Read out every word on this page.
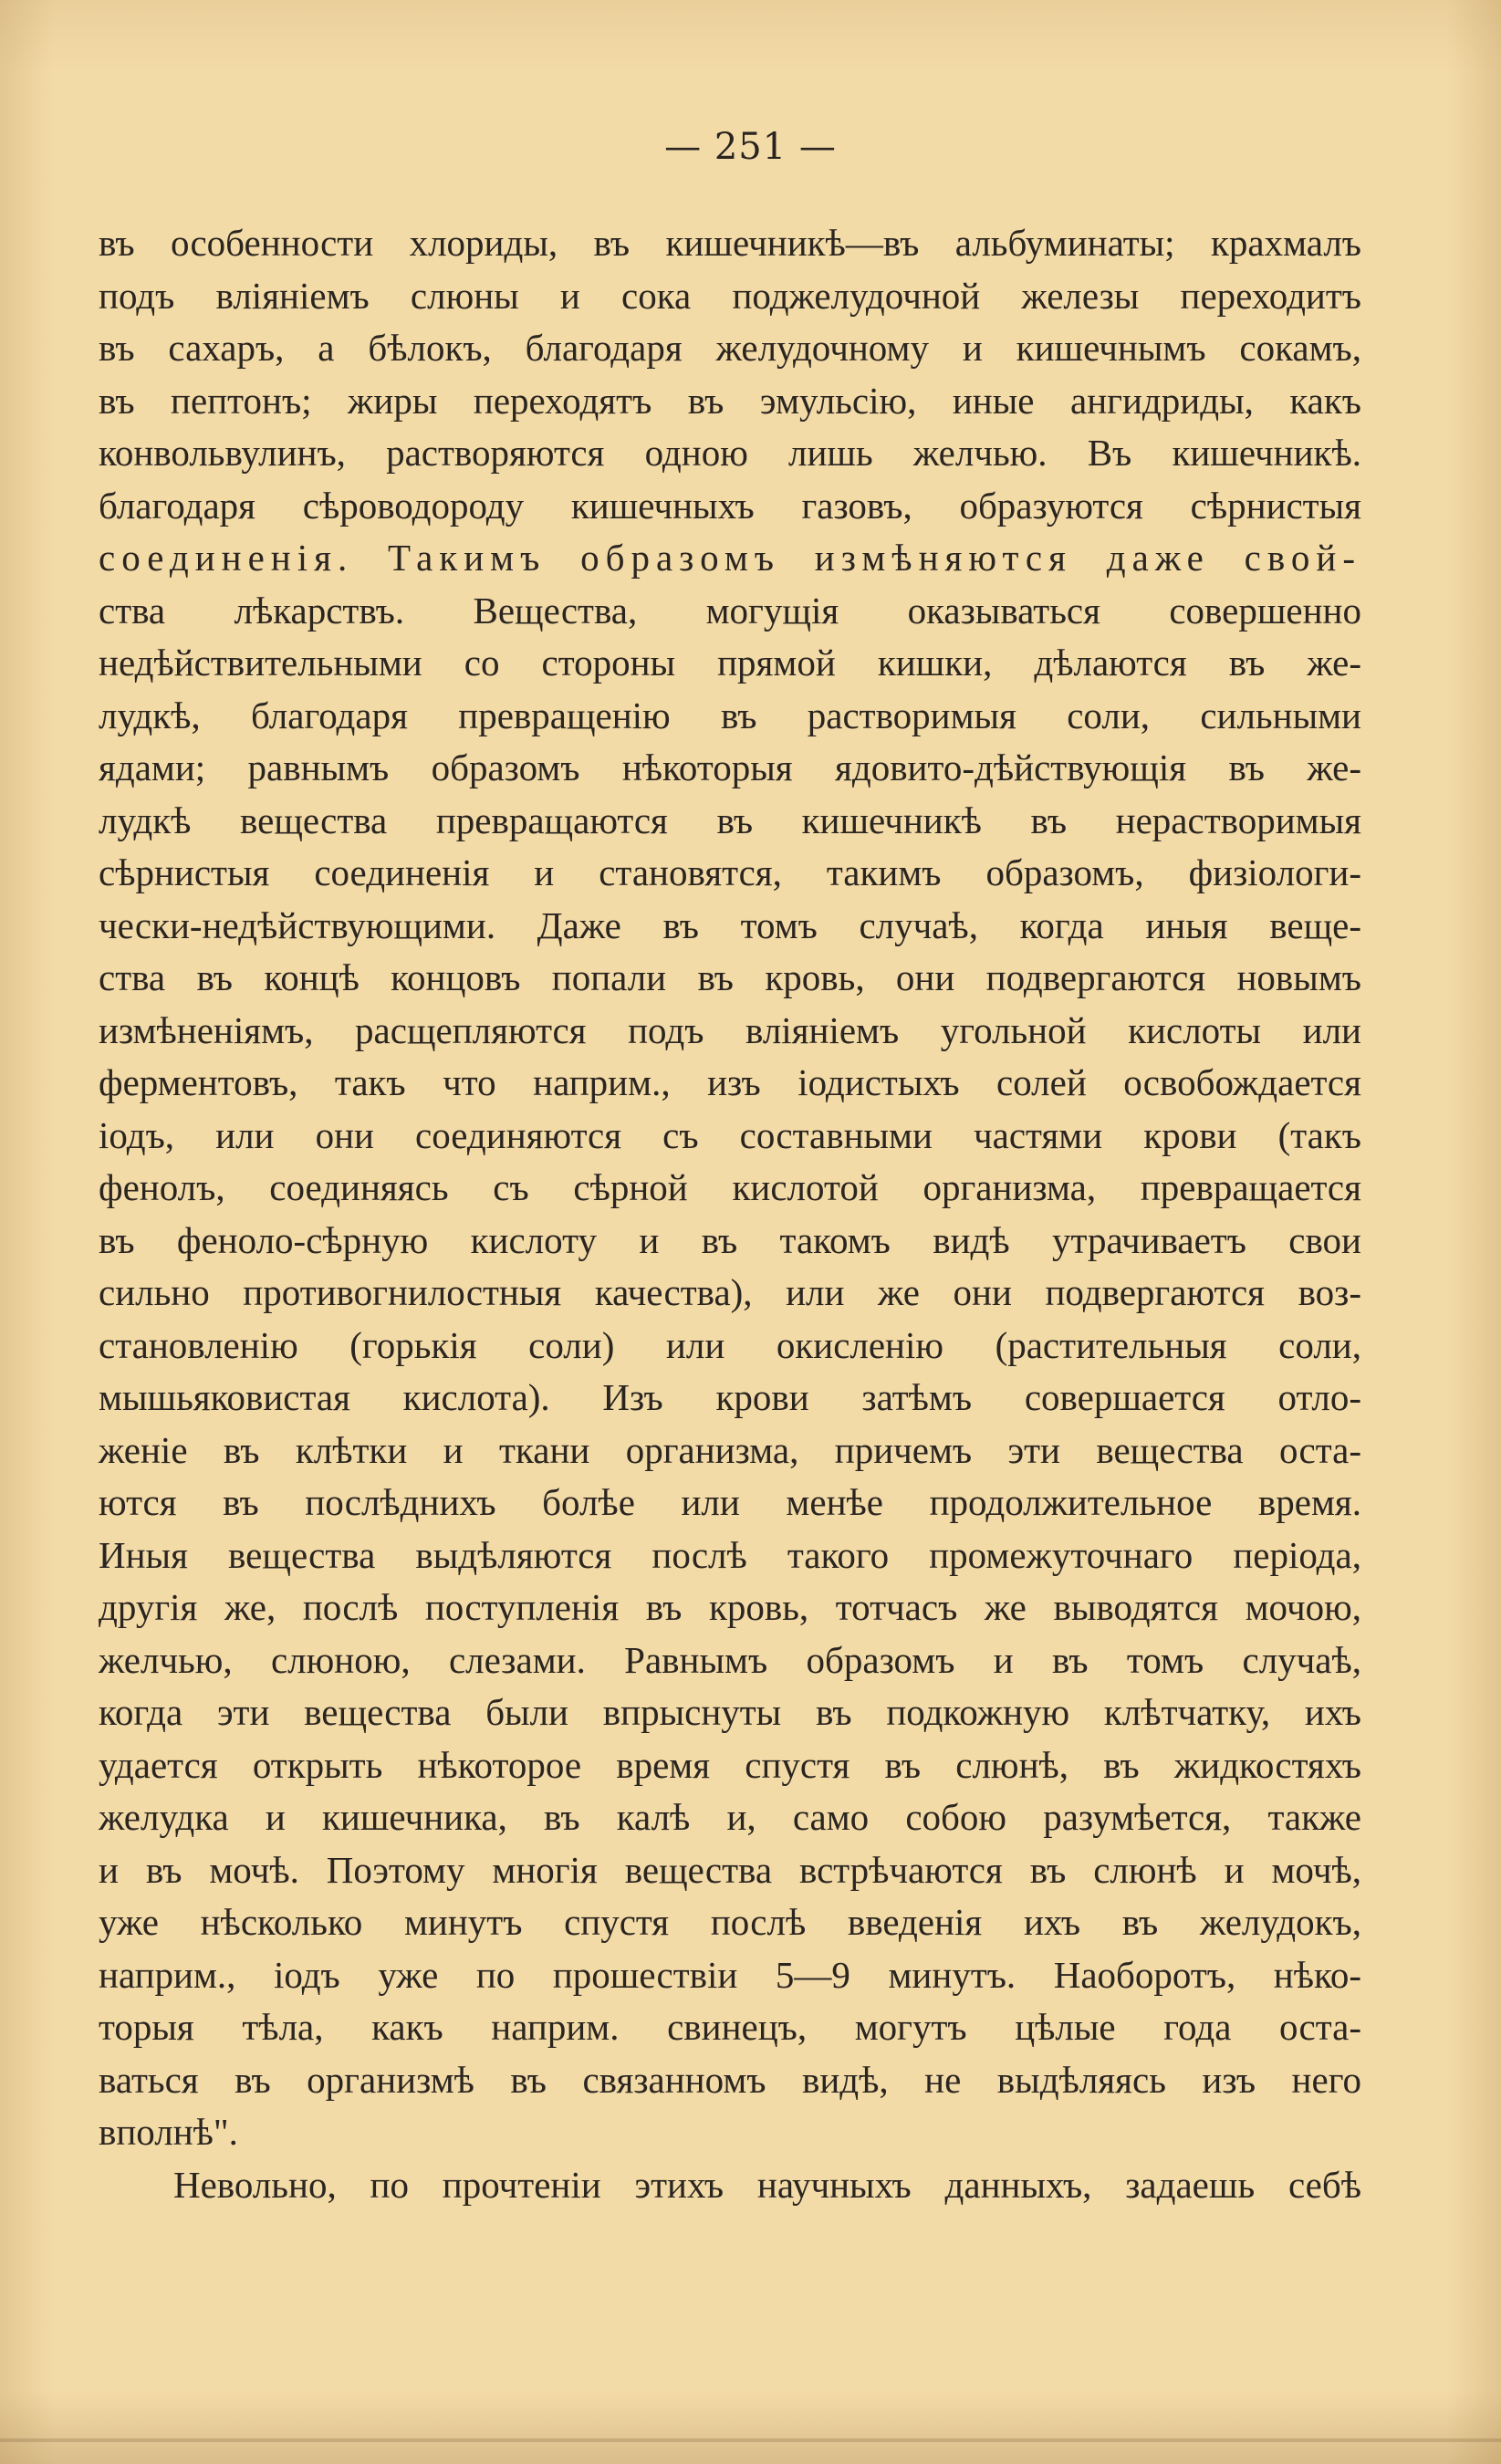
— 251 —
въ особенности хлориды, въ кишечникѣ—въ альбуминаты; крахмалъ
подъ вліяніемъ слюны и сока поджелудочной железы переходитъ
въ сахаръ, а бѣлокъ, благодаря желудочному и кишечнымъ сокамъ,
въ пептонъ; жиры переходятъ въ эмульсію, иные ангидриды, какъ
конвольвулинъ, растворяются одною лишь желчью. Въ кишечникѣ.
благодаря сѣроводороду кишечныхъ газовъ, образуются сѣрнистыя
соединенія. Такимъ образомъ измѣняются даже свой-
ства лѣкарствъ. Вещества, могущія оказываться совершенно
недѣйствительными со стороны прямой кишки, дѣлаются въ же-
лудкѣ, благодаря превращенію въ растворимыя соли, сильными
ядами; равнымъ образомъ нѣкоторыя ядовито-дѣйствующія въ же-
лудкѣ вещества превращаются въ кишечникѣ въ нерастворимыя
сѣрнистыя соединенія и становятся, такимъ образомъ, физіологи-
чески-недѣйствующими. Даже въ томъ случаѣ, когда иныя веще-
ства въ концѣ концовъ попали въ кровь, они подвергаются новымъ
измѣненіямъ, расщепляются подъ вліяніемъ угольной кислоты или
ферментовъ, такъ что наприм., изъ іодистыхъ солей освобождается
іодъ, или они соединяются съ составными частями крови (такъ
фенолъ, соединяясь съ сѣрной кислотой организма, превращается
въ феноло-сѣрную кислоту и въ такомъ видѣ утрачиваетъ свои
сильно противогнилостныя качества), или же они подвергаются воз-
становленію (горькія соли) или окисленію (растительныя соли,
мышьяковистая кислота). Изъ крови затѣмъ совершается отло-
женіе въ клѣтки и ткани организма, причемъ эти вещества оста-
ются въ послѣднихъ болѣе или менѣе продолжительное время.
Иныя вещества выдѣляются послѣ такого промежуточнаго періода,
другія же, послѣ поступленія въ кровь, тотчасъ же выводятся мочою,
желчью, слюною, слезами. Равнымъ образомъ и въ томъ случаѣ,
когда эти вещества были впрыснуты въ подкожную клѣтчатку, ихъ
удается открыть нѣкоторое время спустя въ слюнѣ, въ жидкостяхъ
желудка и кишечника, въ калѣ и, само собою разумѣется, также
и въ мочѣ. Поэтому многія вещества встрѣчаются въ слюнѣ и мочѣ,
уже нѣсколько минутъ спустя послѣ введенія ихъ въ желудокъ,
наприм., іодъ уже по прошествіи 5—9 минутъ. Наоборотъ, нѣко-
торыя тѣла, какъ наприм. свинецъ, могутъ цѣлые года оста-
ваться въ организмѣ въ связанномъ видѣ, не выдѣляясь изъ него
вполнѣ".
Невольно, по прочтеніи этихъ научныхъ данныхъ, задаешь себѣ
